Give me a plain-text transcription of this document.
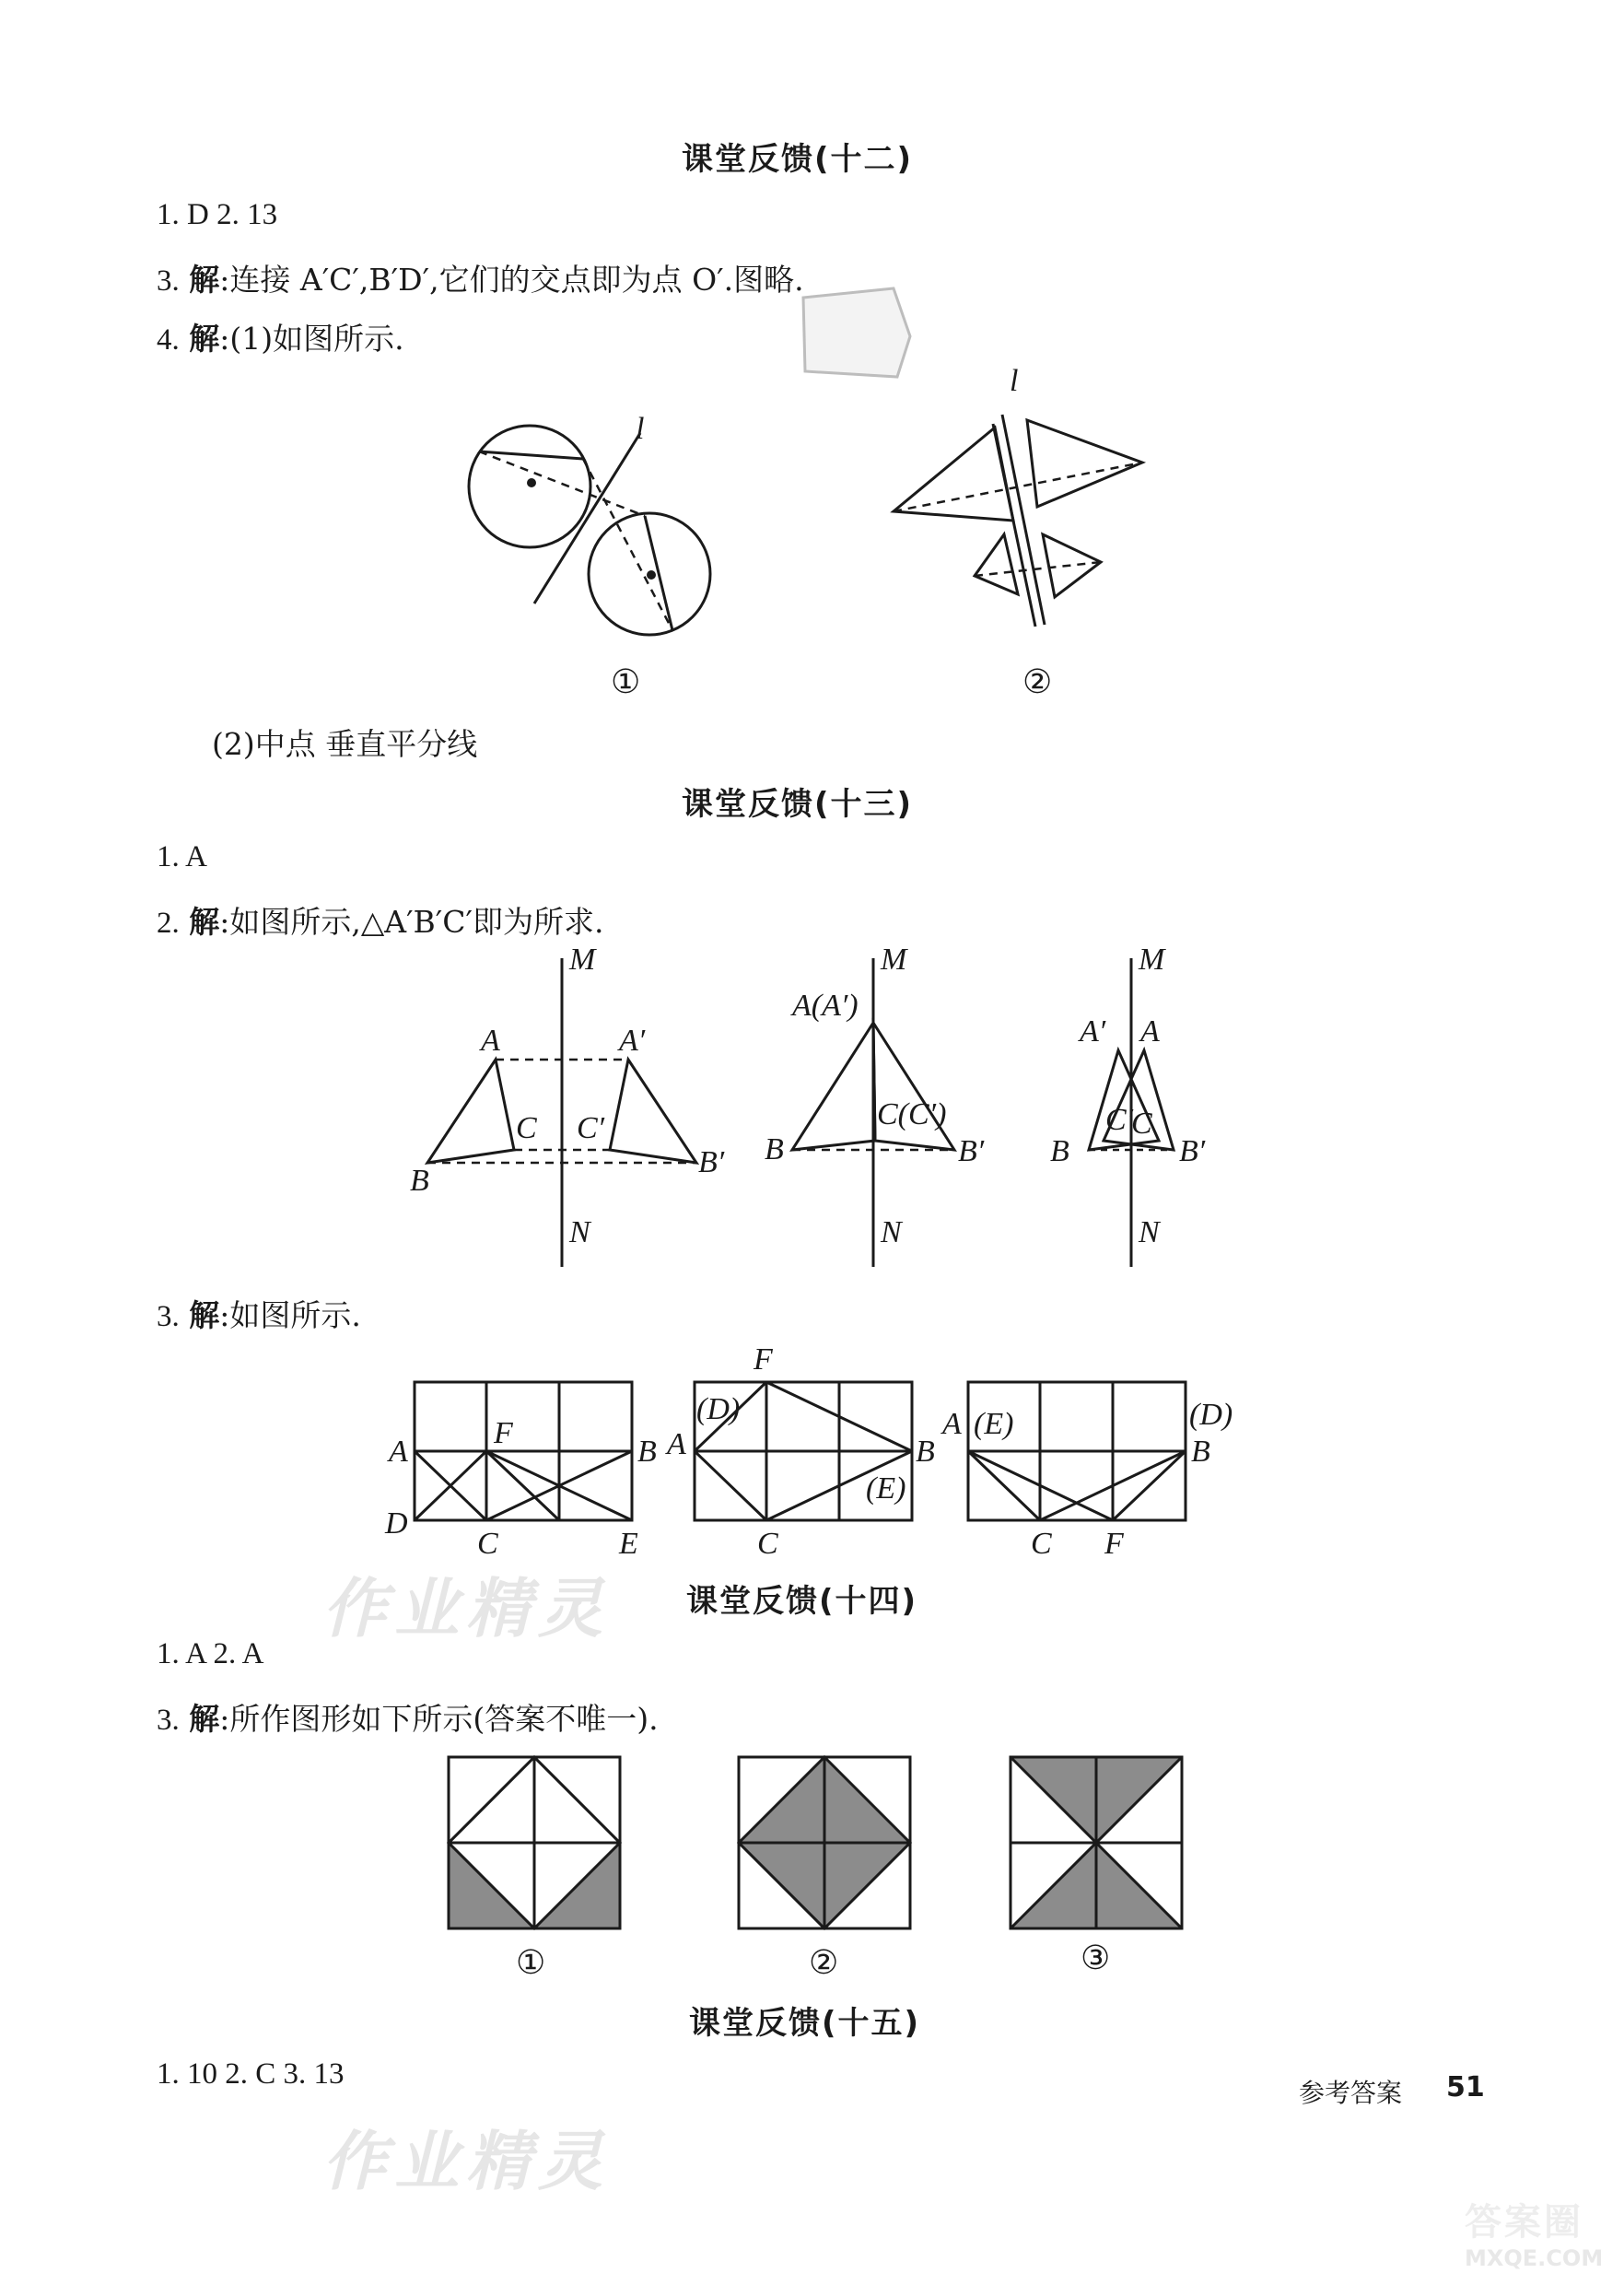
课堂反馈(十二)
1. D 2. 13
3. 解:连接 A′C′,B′D′,它们的交点即为点 O′.图略.
4. 解:(1)如图所示.
l
l
①	②
(2)中点 垂直平分线
课堂反馈(十三)
1. A
2. 解:如图所示,△A′B′C′即为所求.
M
N
A	A′
B
B′
C C′
M
N
A(A′)
C(C′)
B	B′
M
N
A′ A
C′
C
B	B′
3. 解:如图所示.
A
F
B
D
C	E
F
(D)
A	B
(E)
C
A (E)	(D)
B
C F
课堂反馈(十四)
作业精灵
1. A 2. A
3. 解:所作图形如下所示(答案不唯一).
①	②	③
课堂反馈(十五)
1. 10 2. C 3. 13
作业精灵
参考答案 51
答案圈
MXQE.COM
